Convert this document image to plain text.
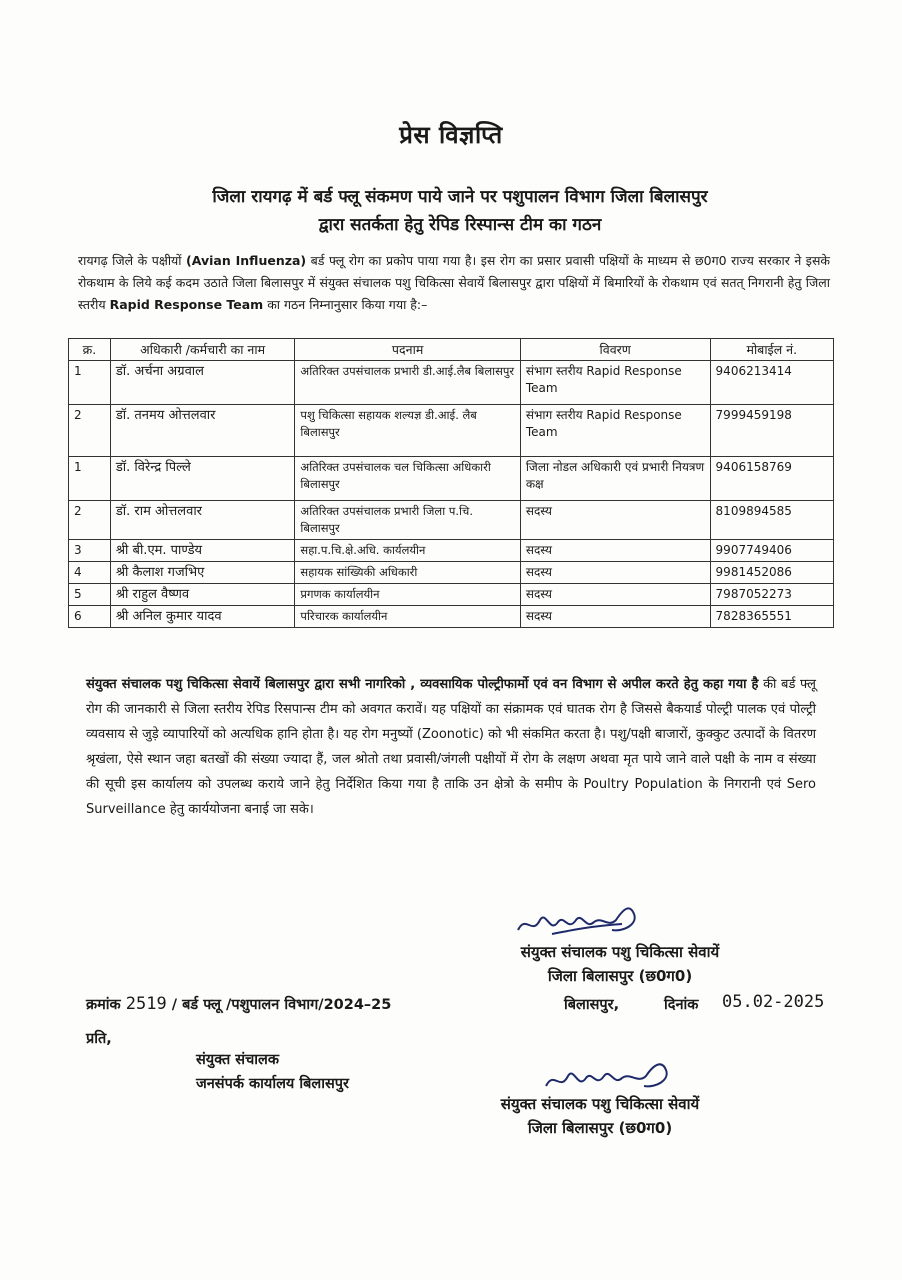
प्रेस विज्ञप्ति
जिला रायगढ़ में बर्ड फ्लू संकमण पाये जाने पर पशुपालन विभाग जिला बिलासपुर
द्वारा सतर्कता हेतु रेपिड रिस्पान्स टीम का गठन
रायगढ़ जिले के पक्षीयों (Avian Influenza) बर्ड फ्लू रोग का प्रकोप पाया गया है। इस रोग का प्रसार प्रवासी पक्षियों के माध्यम से छ0ग0 राज्य सरकार ने इसके रोकथाम के लिये कई कदम उठाते जिला बिलासपुर में संयुक्त संचालक पशु चिकित्सा सेवायें बिलासपुर द्वारा पक्षियों में बिमारियों के रोकथाम एवं सतत् निगरानी हेतु जिला स्तरीय Rapid Response Team का गठन निम्नानुसार किया गया है:–
क्र.	अधिकारी /कर्मचारी का नाम	पदनाम	विवरण	मोबाईल नं.
1	डॉ. अर्चना अग्रवाल	अतिरिक्त उपसंचालक प्रभारी डी.आई.लैब बिलासपुर	संभाग स्तरीय Rapid Response Team	9406213414
2	डॉ. तनमय ओत्तलवार	पशु चिकित्सा सहायक शल्यज्ञ डी.आई. लैब बिलासपुर	संभाग स्तरीय Rapid Response Team	7999459198
1	डॉ. विरेन्द्र पिल्ले	अतिरिक्त उपसंचालक चल चिकित्सा अधिकारी बिलासपुर	जिला नोडल अधिकारी एवं प्रभारी नियत्रण कक्ष	9406158769
2	डॉ. राम ओत्तलवार	अतिरिक्त उपसंचालक प्रभारी जिला प.चि. बिलासपुर	सदस्य	8109894585
3	श्री बी.एम. पाण्डेय	सहा.प.चि.क्षे.अधि. कार्यलयीन	सदस्य	9907749406
4	श्री कैलाश गजभिए	सहायक सांख्यिकी अधिकारी	सदस्य	9981452086
5	श्री राहुल वैष्णव	प्रगणक कार्यालयीन	सदस्य	7987052273
6	श्री अनिल कुमार यादव	परिचारक कार्यालयीन	सदस्य	7828365551
संयुक्त संचालक पशु चिकित्सा सेवायें बिलासपुर द्वारा सभी नागरिको , व्यवसायिक पोल्ट्रीफार्मो एवं वन विभाग से अपील करते हेतु कहा गया है की बर्ड फ्लू रोग की जानकारी से जिला स्तरीय रेपिड रिसपान्स टीम को अवगत करावें। यह पक्षियों का संक्रामक एवं घातक रोग है जिससे बैकयार्ड पोल्ट्री पालक एवं पोल्ट्री व्यवसाय से जुड़े व्यापारियों को अत्यधिक हानि होता है। यह रोग मनुष्यों (Zoonotic) को भी संकमित करता है। पशु/पक्षी बाजारों, कुक्कुट उत्पादों के वितरण श्रृखंला, ऐसे स्थान जहा बतखों की संख्या ज्यादा हैं, जल श्रोतो तथा प्रवासी/जंगली पक्षीयों में रोग के लक्षण अथवा मृत पाये जाने वाले पक्षी के नाम व संख्या की सूची इस कार्यालय को उपलब्ध कराये जाने हेतु निर्देशित किया गया है ताकि उन क्षेत्रो के समीप के Poultry Population के निगरानी एवं Sero Surveillance हेतु कार्ययोजना बनाई जा सके।
संयुक्त संचालक पशु चिकित्सा सेवायें
जिला बिलासपुर (छ0ग0)
क्रमांक 2519 / बर्ड फ्लू /पशुपालन विभाग/2024–25	बिलासपुर,	दिनांक 05.02-2025
प्रति,
संयुक्त संचालक
जनसंपर्क कार्यालय बिलासपुर
संयुक्त संचालक पशु चिकित्सा सेवायें
जिला बिलासपुर (छ0ग0)
